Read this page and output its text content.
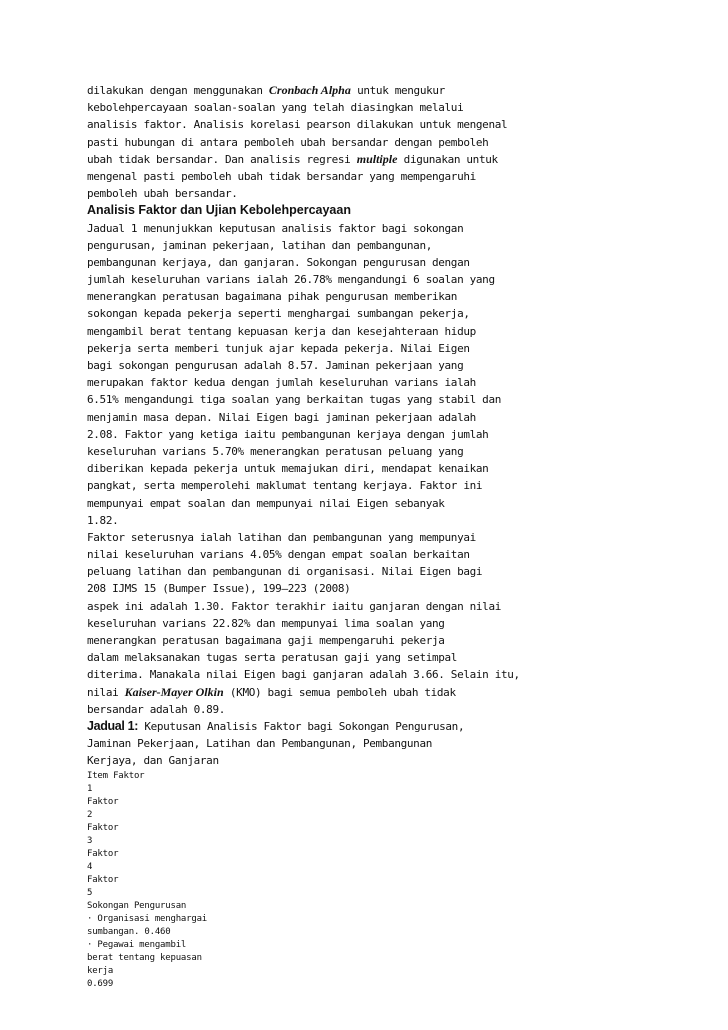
dilakukan dengan menggunakan Cronbach Alpha untuk mengukur
kebolehpercayaan soalan-soalan yang telah diasingkan melalui
analisis faktor. Analisis korelasi pearson dilakukan untuk mengenal
pasti hubungan di antara pemboleh ubah bersandar dengan pemboleh
ubah tidak bersandar. Dan analisis regresi multiple digunakan untuk
mengenal pasti pemboleh ubah tidak bersandar yang mempengaruhi
pemboleh ubah bersandar.
Analisis Faktor dan Ujian Kebolehpercayaan
Jadual 1 menunjukkan keputusan analisis faktor bagi sokongan
pengurusan, jaminan pekerjaan, latihan dan pembangunan,
pembangunan kerjaya, dan ganjaran. Sokongan pengurusan dengan
jumlah keseluruhan varians ialah 26.78% mengandungi 6 soalan yang
menerangkan peratusan bagaimana pihak pengurusan memberikan
sokongan kepada pekerja seperti menghargai sumbangan pekerja,
mengambil berat tentang kepuasan kerja dan kesejahteraan hidup
pekerja serta memberi tunjuk ajar kepada pekerja. Nilai Eigen
bagi sokongan pengurusan adalah 8.57. Jaminan pekerjaan yang
merupakan faktor kedua dengan jumlah keseluruhan varians ialah
6.51% mengandungi tiga soalan yang berkaitan tugas yang stabil dan
menjamin masa depan. Nilai Eigen bagi jaminan pekerjaan adalah
2.08. Faktor yang ketiga iaitu pembangunan kerjaya dengan jumlah
keseluruhan varians 5.70% menerangkan peratusan peluang yang
diberikan kepada pekerja untuk memajukan diri, mendapat kenaikan
pangkat, serta memperolehi maklumat tentang kerjaya. Faktor ini
mempunyai empat soalan dan mempunyai nilai Eigen sebanyak
1.82.
Faktor seterusnya ialah latihan dan pembangunan yang mempunyai
nilai keseluruhan varians 4.05% dengan empat soalan berkaitan
peluang latihan dan pembangunan di organisasi. Nilai Eigen bagi
208 IJMS 15 (Bumper Issue), 199–223 (2008)
aspek ini adalah 1.30. Faktor terakhir iaitu ganjaran dengan nilai
keseluruhan varians 22.82% dan mempunyai lima soalan yang
menerangkan peratusan bagaimana gaji mempengaruhi pekerja
dalam melaksanakan tugas serta peratusan gaji yang setimpal
diterima. Manakala nilai Eigen bagi ganjaran adalah 3.66. Selain itu,
nilai Kaiser-Mayer Olkin (KMO) bagi semua pemboleh ubah tidak
bersandar adalah 0.89.
Jadual 1: Keputusan Analisis Faktor bagi Sokongan Pengurusan,
Jaminan Pekerjaan, Latihan dan Pembangunan, Pembangunan
Kerjaya, dan Ganjaran
Item Faktor
1
Faktor
2
Faktor
3
Faktor
4
Faktor
5
Sokongan Pengurusan
· Organisasi menghargai
sumbangan. 0.460
· Pegawai mengambil
berat tentang kepuasan
kerja
0.699
